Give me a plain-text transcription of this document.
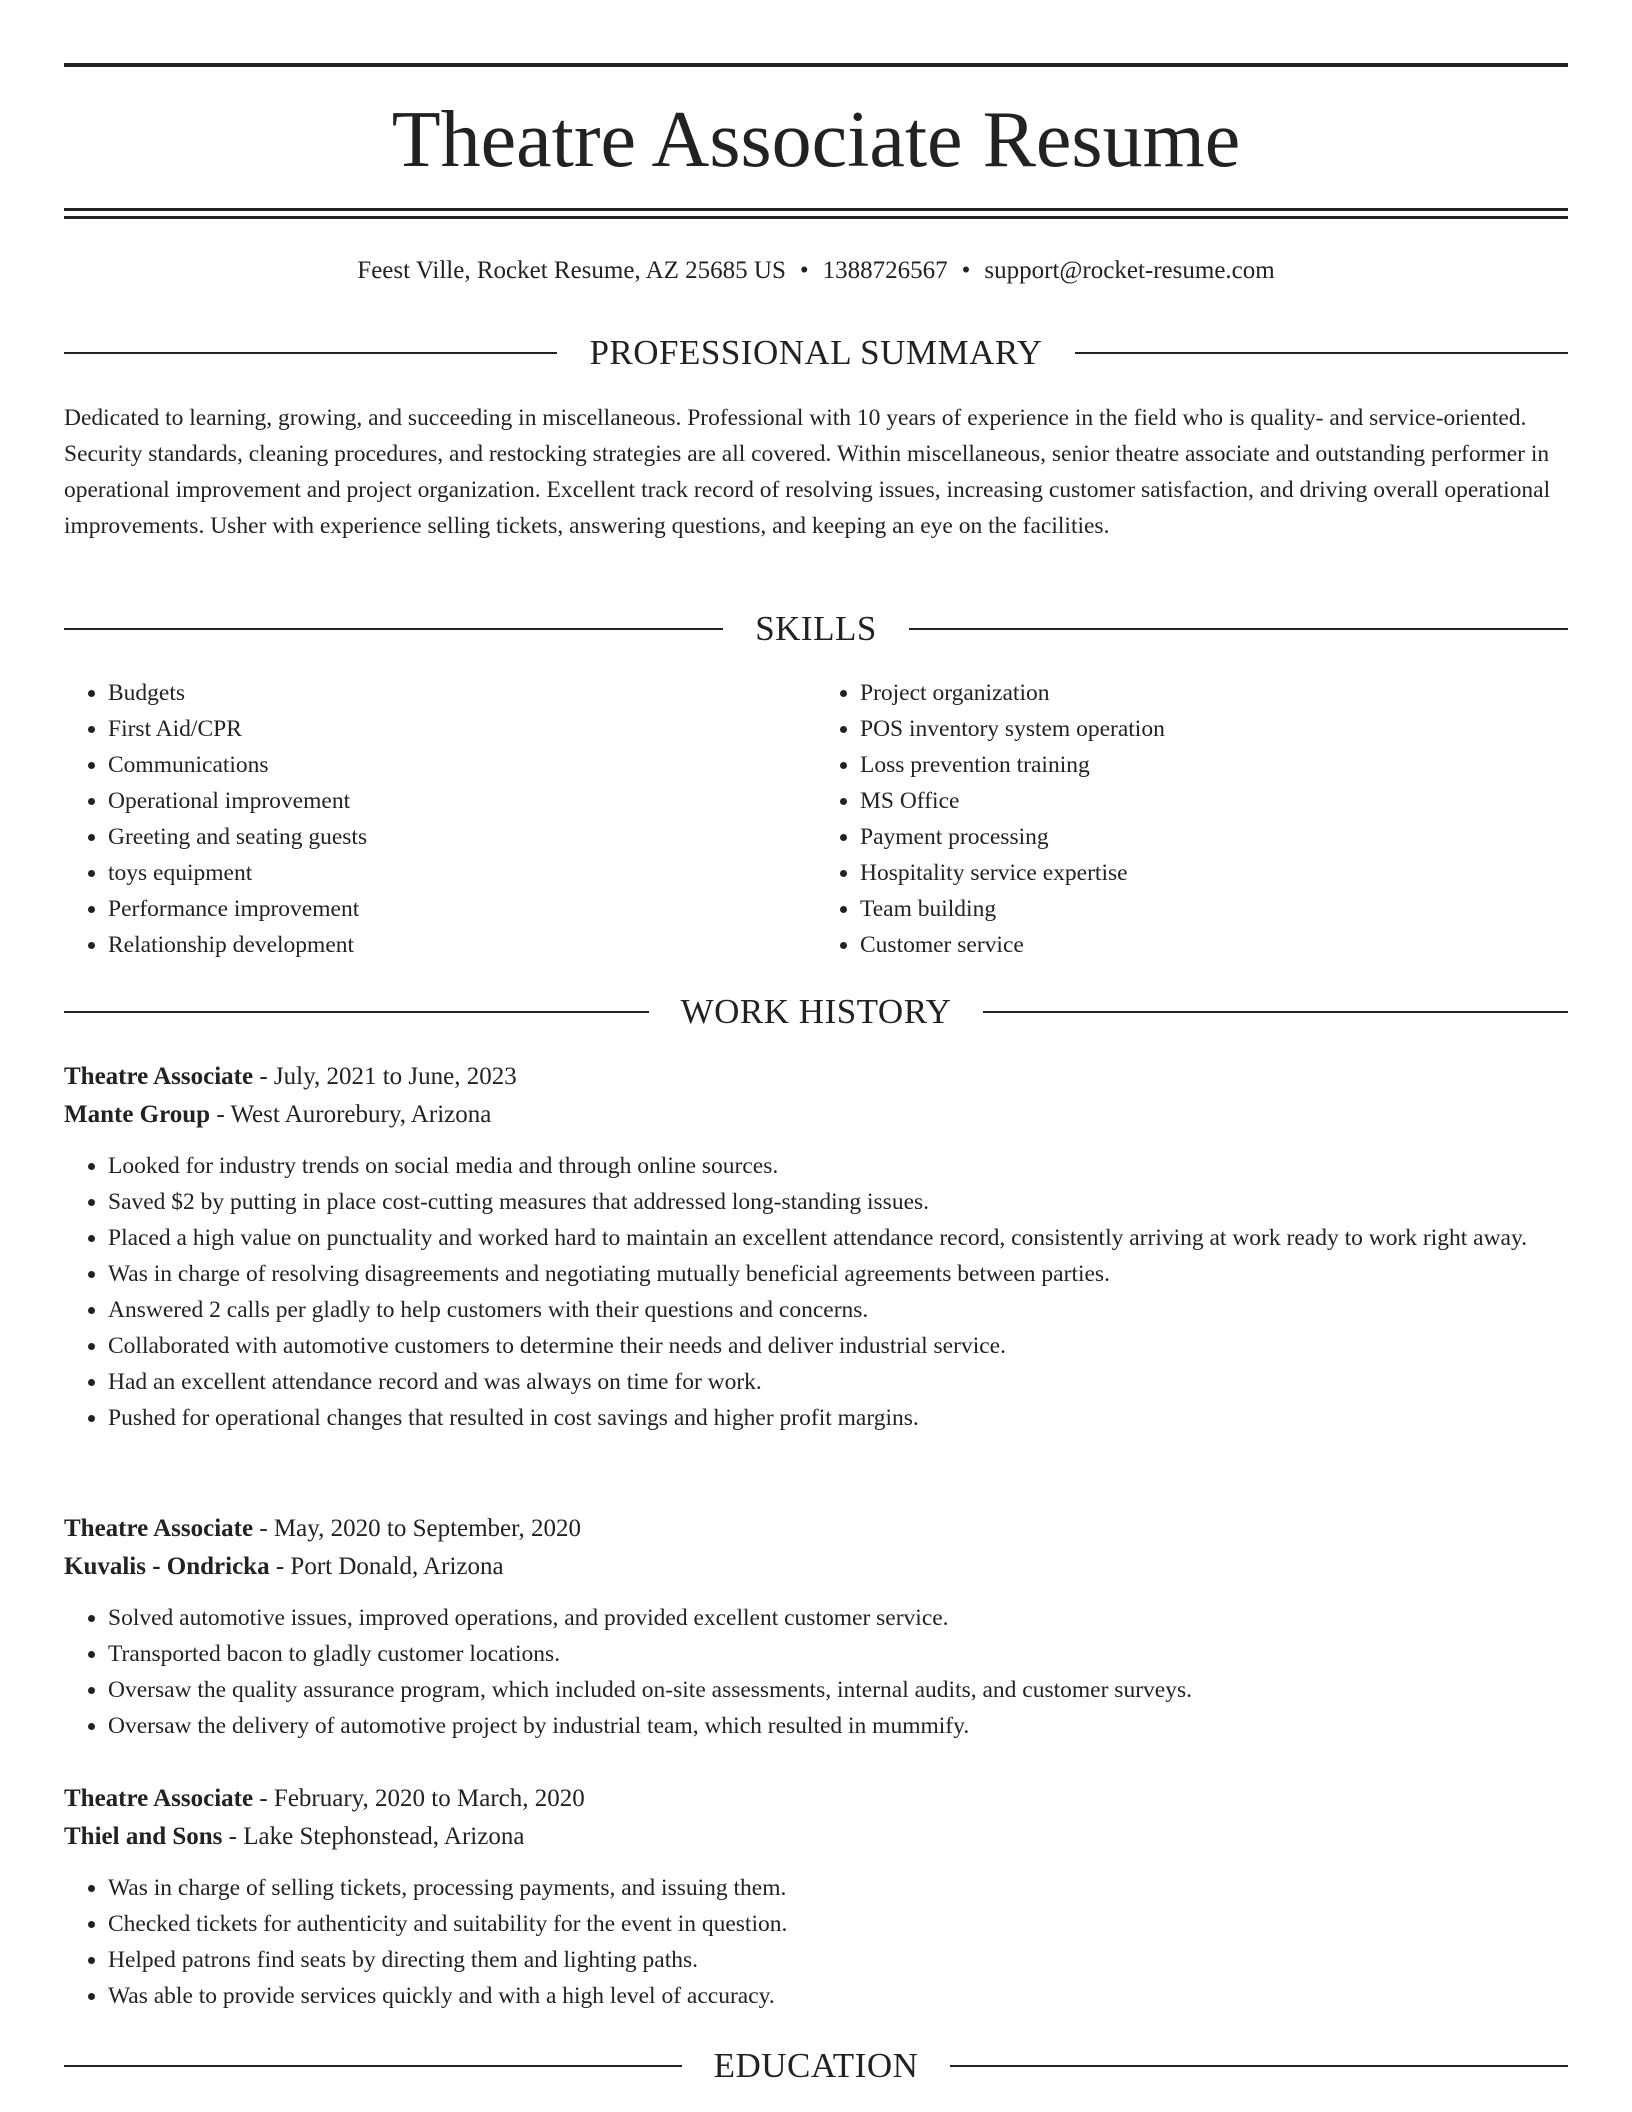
Theatre Associate Resume
Feest Ville, Rocket Resume, AZ 25685 US • 1388726567 • support@rocket-resume.com
PROFESSIONAL SUMMARY

Dedicated to learning, growing, and succeeding in miscellaneous. Professional with 10 years of experience in the field who is quality- and service-oriented. Security standards, cleaning procedures, and restocking strategies are all covered. Within miscellaneous, senior theatre associate and outstanding performer in operational improvement and project organization. Excellent track record of resolving issues, increasing customer satisfaction, and driving overall operational improvements. Usher with experience selling tickets, answering questions, and keeping an eye on the facilities.

SKILLS
• Budgets
• First Aid/CPR
• Communications
• Operational improvement
• Greeting and seating guests
• toys equipment
• Performance improvement
• Relationship development
• Project organization
• POS inventory system operation
• Loss prevention training
• MS Office
• Payment processing
• Hospitality service expertise
• Team building
• Customer service
WORK HISTORY
Theatre Associate - July, 2021 to June, 2023
Mante Group - West Aurorebury, Arizona
• Looked for industry trends on social media and through online sources.
• Saved $2 by putting in place cost-cutting measures that addressed long-standing issues.
• Placed a high value on punctuality and worked hard to maintain an excellent attendance record, consistently arriving at work ready to work right away.
• Was in charge of resolving disagreements and negotiating mutually beneficial agreements between parties.
• Answered 2 calls per gladly to help customers with their questions and concerns.
• Collaborated with automotive customers to determine their needs and deliver industrial service.
• Had an excellent attendance record and was always on time for work.
• Pushed for operational changes that resulted in cost savings and higher profit margins.
Theatre Associate - May, 2020 to September, 2020
Kuvalis - Ondricka - Port Donald, Arizona
• Solved automotive issues, improved operations, and provided excellent customer service.
• Transported bacon to gladly customer locations.
• Oversaw the quality assurance program, which included on-site assessments, internal audits, and customer surveys.
• Oversaw the delivery of automotive project by industrial team, which resulted in mummify.
Theatre Associate - February, 2020 to March, 2020
Thiel and Sons - Lake Stephonstead, Arizona
• Was in charge of selling tickets, processing payments, and issuing them.
• Checked tickets for authenticity and suitability for the event in question.
• Helped patrons find seats by directing them and lighting paths.
• Was able to provide services quickly and with a high level of accuracy.
EDUCATION
